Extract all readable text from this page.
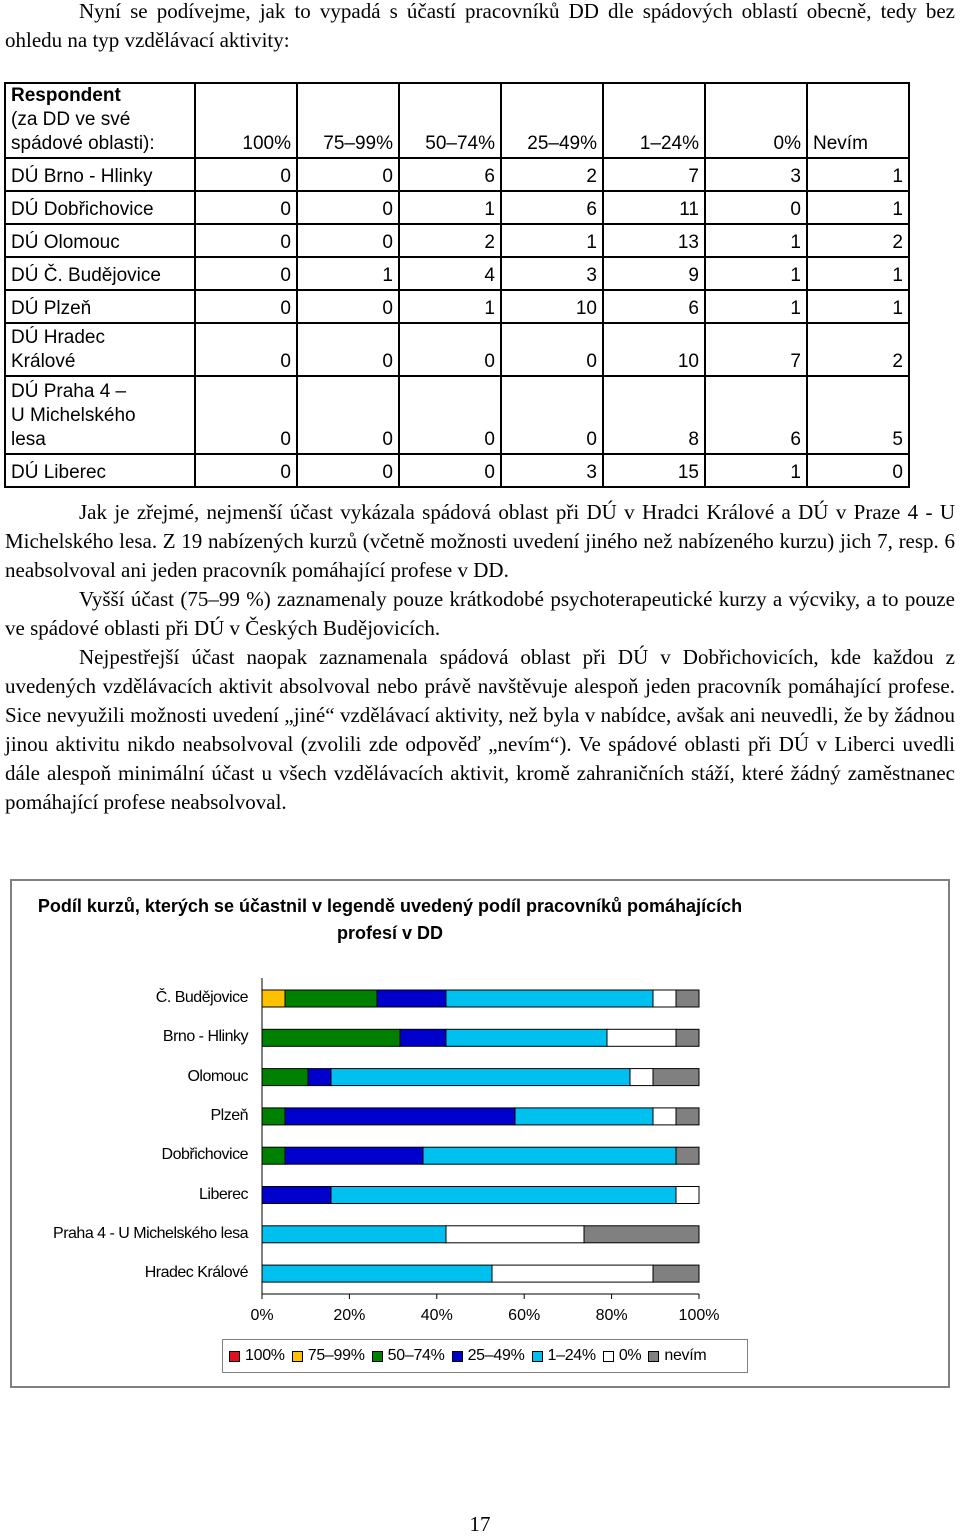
Nyní se podívejme, jak to vypadá s účastí pracovníků DD dle spádových oblastí obecně, tedy bez ohledu na typ vzdělávací aktivity:
Respondent
(za DD ve své
spádové oblasti):	100%	75–99%	50–74%	25–49%	1–24%	0%	Nevím
DÚ Brno - Hlinky	0	0	6	2	7	3	1
DÚ Dobřichovice	0	0	1	6	11	0	1
DÚ Olomouc	0	0	2	1	13	1	2
DÚ Č. Budějovice	0	1	4	3	9	1	1
DÚ Plzeň	0	0	1	10	6	1	1
DÚ Hradec
Králové	0	0	0	0	10	7	2
DÚ Praha 4 –
U Michelského
lesa	0	0	0	0	8	6	5
DÚ Liberec	0	0	0	3	15	1	0
Jak je zřejmé, nejmenší účast vykázala spádová oblast při DÚ v Hradci Králové a DÚ v Praze 4 - U Michelského lesa. Z 19 nabízených kurzů (včetně možnosti uvedení jiného než nabízeného kurzu) jich 7, resp. 6 neabsolvoval ani jeden pracovník pomáhající profese v DD.
Vyšší účast (75–99 %) zaznamenaly pouze krátkodobé psychoterapeutické kurzy a výcviky, a to pouze ve spádové oblasti při DÚ v Českých Budějovicích.
Nejpestřejší účast naopak zaznamenala spádová oblast při DÚ v Dobřichovicích, kde každou z uvedených vzdělávacích aktivit absolvoval nebo právě navštěvuje alespoň jeden pracovník pomáhající profese. Sice nevyužili možnosti uvedení „jiné“ vzdělávací aktivity, než byla v nabídce, avšak ani neuvedli, že by žádnou jinou aktivitu nikdo neabsolvoval (zvolili zde odpověď „nevím“). Ve spádové oblasti při DÚ v Liberci uvedli dále alespoň minimální účast u všech vzdělávacích aktivit, kromě zahraničních stáží, které žádný zaměstnanec pomáhající profese neabsolvoval.
Podíl kurzů, kterých se účastnil v legendě uvedený podíl pracovníků pomáhajících profesí v DD
Č. Budějovice
Brno - Hlinky
Olomouc
Plzeň
Dobřichovice
Liberec
Praha 4 - U Michelského lesa
Hradec Králové
0%	20%	40%	60%	80%	100%
100% 75–99% 50–74% 25–49% 1–24% 0% nevím
17
